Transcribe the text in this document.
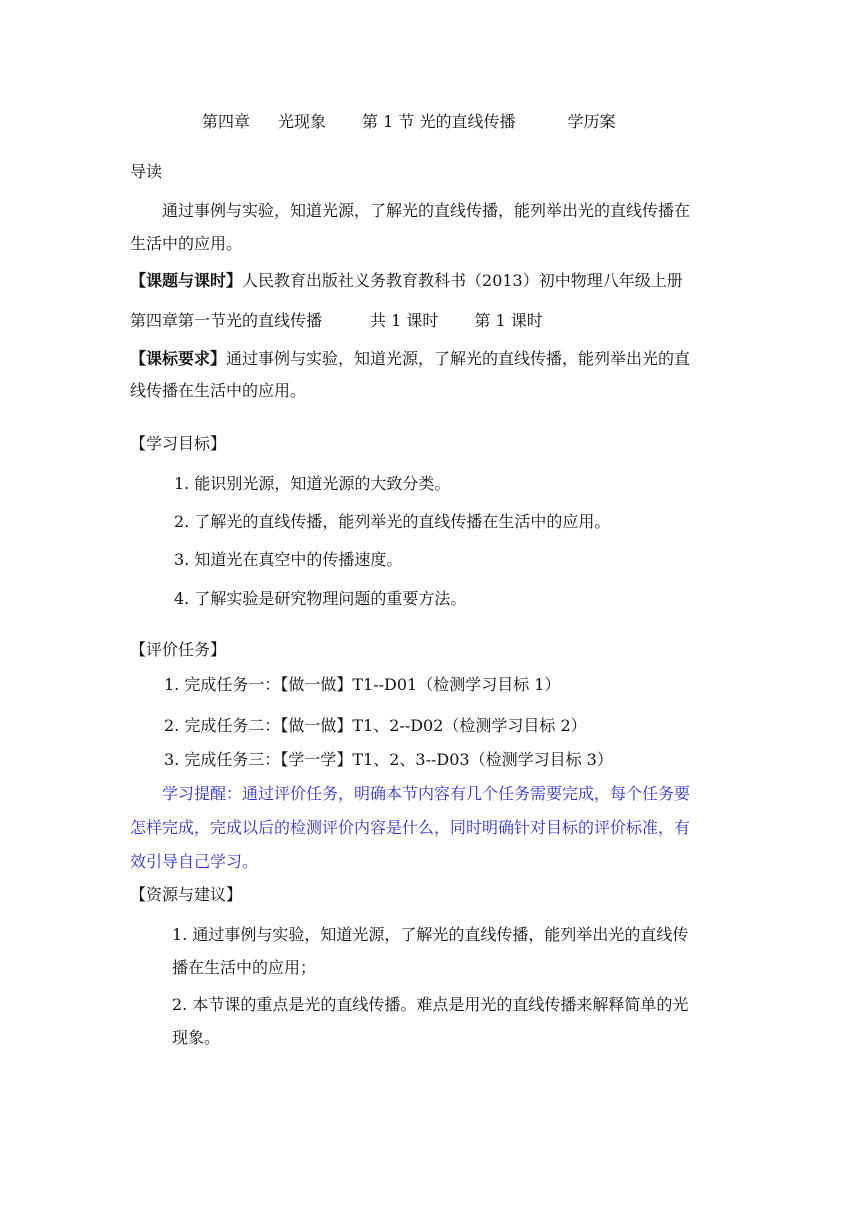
第四章 光现象 第 1 节 光的直线传播	学历案
导读
通过事例与实验，知道光源，了解光的直线传播，能列举出光的直线传播在
生活中的应用。
【课题与课时】人民教育出版社义务教育教科书（2013）初中物理八年级上册
第四章第一节光的直线传播	共 1 课时 第 1 课时
【课标要求】通过事例与实验，知道光源，了解光的直线传播，能列举出光的直
线传播在生活中的应用。
【学习目标】
1. 能识别光源，知道光源的大致分类。
2. 了解光的直线传播，能列举光的直线传播在生活中的应用。
3. 知道光在真空中的传播速度。
4. 了解实验是研究物理问题的重要方法。
【评价任务】
1. 完成任务一：【做一做】T1--D01（检测学习目标 1）
2. 完成任务二：【做一做】T1、2--D02（检测学习目标 2）
3. 完成任务三：【学一学】T1、2、3--D03（检测学习目标 3）
学习提醒：通过评价任务，明确本节内容有几个任务需要完成，每个任务要
怎样完成，完成以后的检测评价内容是什么，同时明确针对目标的评价标准，有
效引导自己学习。
【资源与建议】
1. 通过事例与实验，知道光源，了解光的直线传播，能列举出光的直线传
播在生活中的应用；
2. 本节课的重点是光的直线传播。难点是用光的直线传播来解释简单的光
现象。
